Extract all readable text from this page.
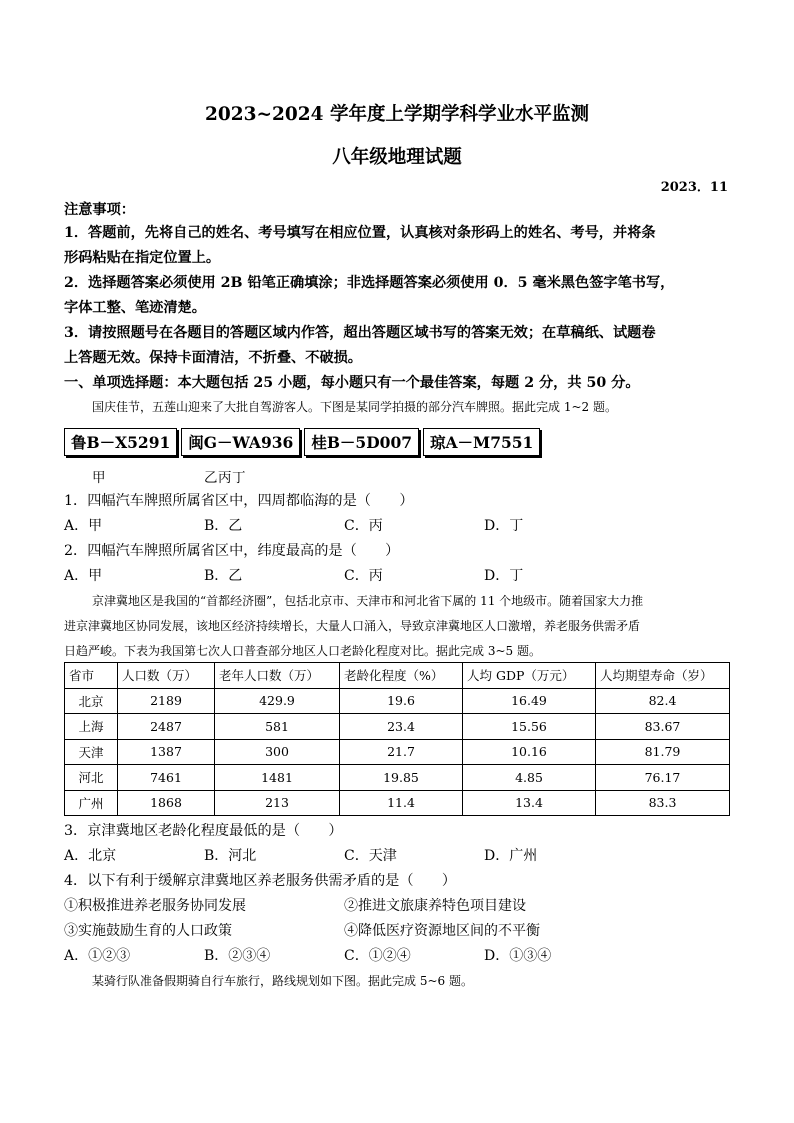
2023~2024 学年度上学期学科学业水平监测
八年级地理试题
2023．11
注意事项：
1．答题前，先将自己的姓名、考号填写在相应位置，认真核对条形码上的姓名、考号，并将条
形码粘贴在指定位置上。
2．选择题答案必须使用 2B 铅笔正确填涂；非选择题答案必须使用 0．5 毫米黑色签字笔书写，
字体工整、笔迹清楚。
3．请按照题号在各题目的答题区域内作答，超出答题区域书写的答案无效；在草稿纸、试题卷
上答题无效。保持卡面清洁，不折叠、不破损。
一、单项选择题：本大题包括 25 小题，每小题只有一个最佳答案，每题 2 分，共 50 分。
国庆佳节，五莲山迎来了大批自驾游客人。下图是某同学拍摄的部分汽车牌照。据此完成 1~2 题。
鲁B－X5291	闽G－WA936	桂B－5D007	琼A－M7551
甲	乙 丙 丁
1．四幅汽车牌照所属省区中，四周都临海的是（　　）
A．甲	B．乙	C．丙	D．丁
2．四幅汽车牌照所属省区中，纬度最高的是（　　）
A．甲	B．乙	C．丙	D．丁
京津冀地区是我国的“首都经济圈”，包括北京市、天津市和河北省下属的 11 个地级市。随着国家大力推
进京津冀地区协同发展，该地区经济持续增长，大量人口涌入，导致京津冀地区人口激增，养老服务供需矛盾
日趋严峻。下表为我国第七次人口普查部分地区人口老龄化程度对比。据此完成 3~5 题。
省市	人口数（万）	老年人口数（万）	老龄化程度（%）	人均 GDP（万元）	人均期望寿命（岁）
北京	2189	429.9	19.6	16.49	82.4
上海	2487	581	23.4	15.56	83.67
天津	1387	300	21.7	10.16	81.79
河北	7461	1481	19.85	4.85	76.17
广州	1868	213	11.4	13.4	83.3
3．京津冀地区老龄化程度最低的是（　　）
A．北京	B．河北	C．天津	D．广州
4．以下有利于缓解京津冀地区养老服务供需矛盾的是（　　）
①积极推进养老服务协同发展	②推进文旅康养特色项目建设
③实施鼓励生育的人口政策	④降低医疗资源地区间的不平衡
A．①②③	B．②③④	C．①②④	D．①③④
某骑行队准备假期骑自行车旅行，路线规划如下图。据此完成 5~6 题。
